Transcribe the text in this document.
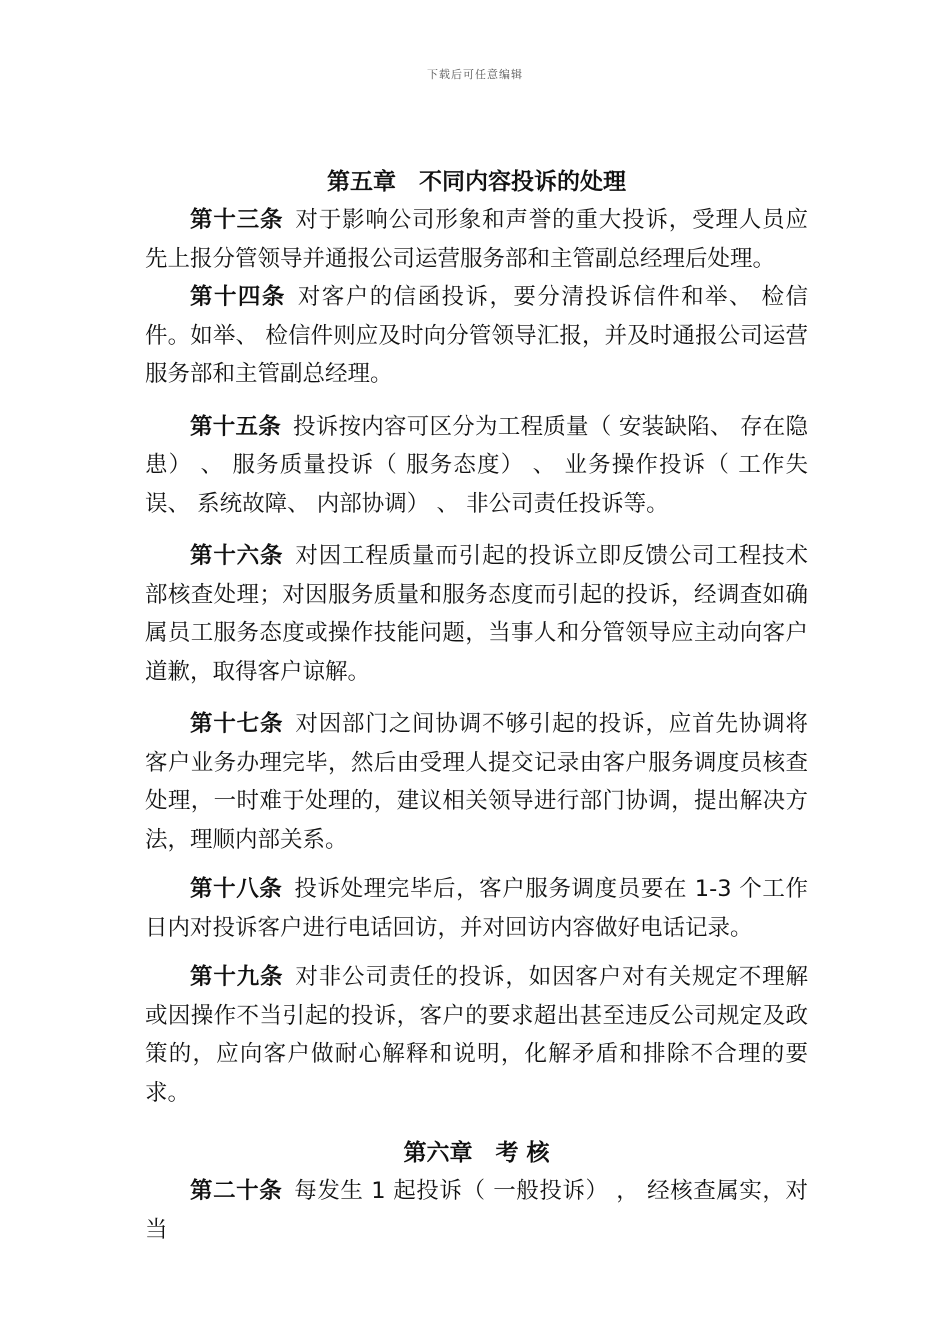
下载后可任意编辑

第五章　不同内容投诉的处理

第十三条 对于影响公司形象和声誉的重大投诉，受理人员应先上报分管领导并通报公司运营服务部和主管副总经理后处理。

第十四条 对客户的信函投诉，要分清投诉信件和举、 检信件。如举、 检信件则应及时向分管领导汇报，并及时通报公司运营服务部和主管副总经理。

第十五条 投诉按内容可区分为工程质量（ 安装缺陷、 存在隐患） 、 服务质量投诉（ 服务态度） 、 业务操作投诉（ 工作失误、 系统故障、 内部协调） 、 非公司责任投诉等。

第十六条 对因工程质量而引起的投诉立即反馈公司工程技术部核查处理；对因服务质量和服务态度而引起的投诉，经调查如确属员工服务态度或操作技能问题，当事人和分管领导应主动向客户道歉，取得客户谅解。

第十七条 对因部门之间协调不够引起的投诉，应首先协调将客户业务办理完毕，然后由受理人提交记录由客户服务调度员核查处理，一时难于处理的，建议相关领导进行部门协调，提出解决方法，理顺内部关系。

第十八条 投诉处理完毕后，客户服务调度员要在 1-3 个工作日内对投诉客户进行电话回访，并对回访内容做好电话记录。

第十九条 对非公司责任的投诉，如因客户对有关规定不理解或因操作不当引起的投诉，客户的要求超出甚至违反公司规定及政策的，应向客户做耐心解释和说明，化解矛盾和排除不合理的要求。

第六章　考 核

第二十条 每发生 1 起投诉（ 一般投诉） ， 经核查属实，对当
